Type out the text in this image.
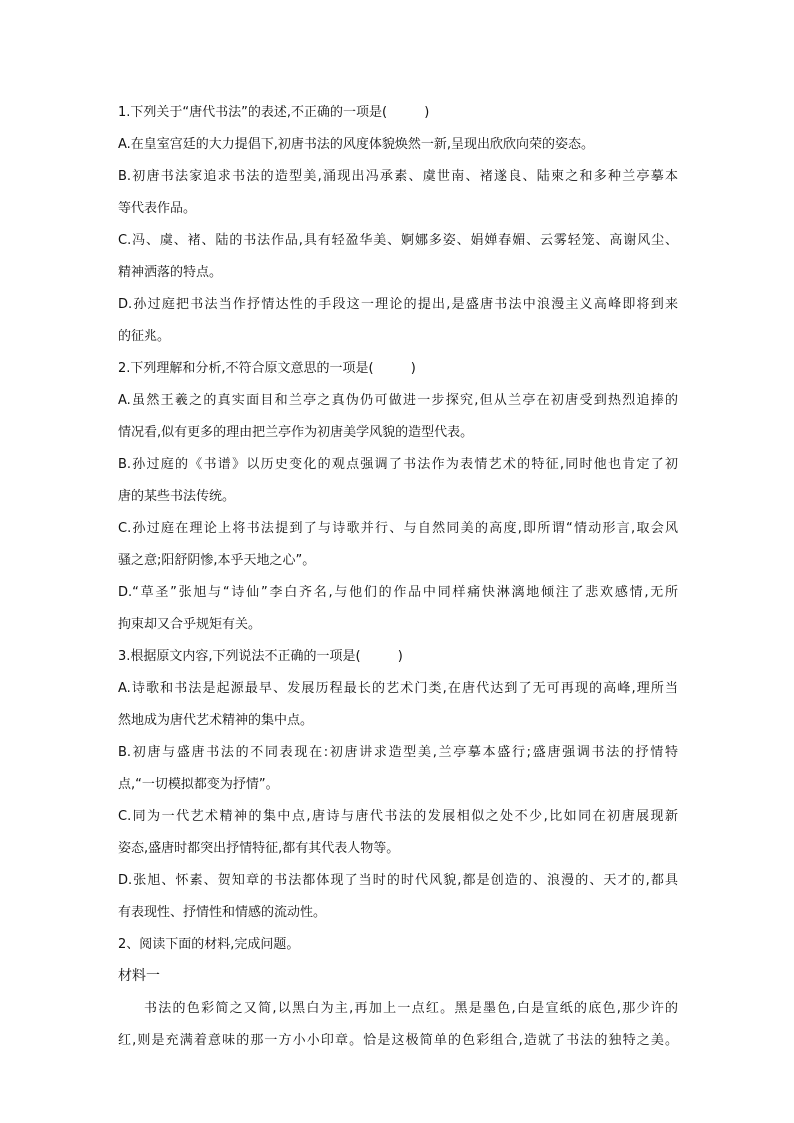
1.下列关于“唐代书法”的表述,不正确的一项是(         )
A.在皇室宫廷的大力提倡下,初唐书法的风度体貌焕然一新,呈现出欣欣向荣的姿态。
B.初唐书法家追求书法的造型美,涌现出冯承素、虞世南、褚遂良、陆柬之和多种兰亭摹本
等代表作品。
C.冯、虞、褚、陆的书法作品,具有轻盈华美、婀娜多姿、娟婵春媚、云雾轻笼、高谢风尘、
精神洒落的特点。
D.孙过庭把书法当作抒情达性的手段这一理论的提出,是盛唐书法中浪漫主义高峰即将到来
的征兆。
2.下列理解和分析,不符合原文意思的一项是(         )
A.虽然王羲之的真实面目和兰亭之真伪仍可做进一步探究,但从兰亭在初唐受到热烈追捧的
情况看,似有更多的理由把兰亭作为初唐美学风貌的造型代表。
B.孙过庭的《书谱》以历史变化的观点强调了书法作为表情艺术的特征,同时他也肯定了初
唐的某些书法传统。
C.孙过庭在理论上将书法提到了与诗歌并行、与自然同美的高度,即所谓“情动形言,取会风
骚之意;阳舒阴惨,本乎天地之心”。
D.“草圣”张旭与“诗仙”李白齐名,与他们的作品中同样痛快淋漓地倾注了悲欢感情,无所
拘束却又合乎规矩有关。
3.根据原文内容,下列说法不正确的一项是(         )
A.诗歌和书法是起源最早、发展历程最长的艺术门类,在唐代达到了无可再现的高峰,理所当
然地成为唐代艺术精神的集中点。
B.初唐与盛唐书法的不同表现在:初唐讲求造型美,兰亭摹本盛行;盛唐强调书法的抒情特
点,“一切模拟都变为抒情”。
C.同为一代艺术精神的集中点,唐诗与唐代书法的发展相似之处不少,比如同在初唐展现新
姿态,盛唐时都突出抒情特征,都有其代表人物等。
D.张旭、怀素、贺知章的书法都体现了当时的时代风貌,都是创造的、浪漫的、天才的,都具
有表现性、抒情性和情感的流动性。
2、阅读下面的材料,完成问题。
材料一
书法的色彩简之又简,以黑白为主,再加上一点红。黑是墨色,白是宣纸的底色,那少许的
红,则是充满着意味的那一方小小印章。恰是这极简单的色彩组合,造就了书法的独特之美。
